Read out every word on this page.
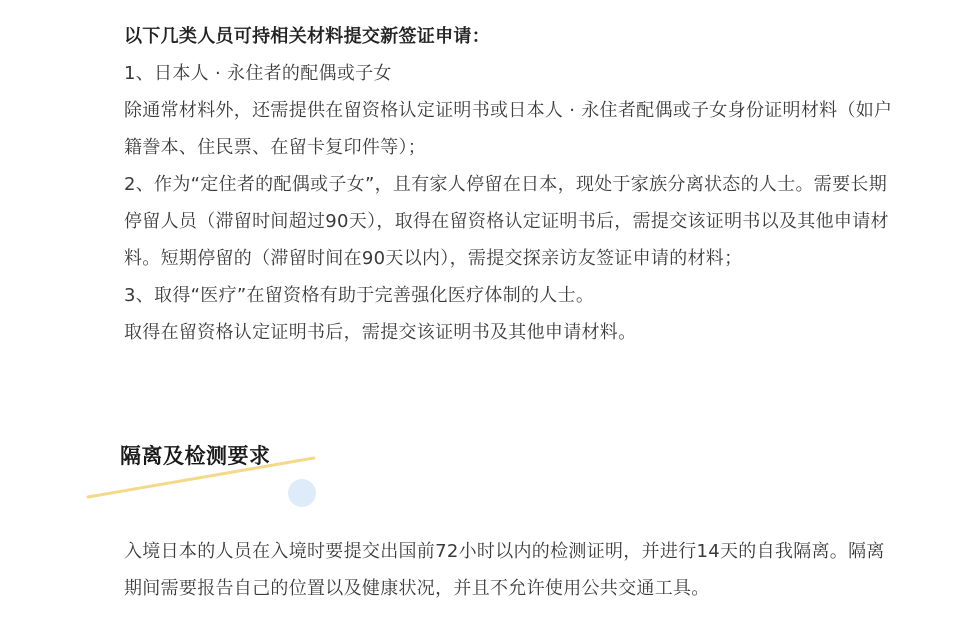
以下几类人员可持相关材料提交新签证申请：

1、日本人 · 永住者的配偶或子女

除通常材料外，还需提供在留资格认定证明书或日本人 · 永住者配偶或子女身份证明材料（如户籍誊本、住民票、在留卡复印件等）；

2、作为“定住者的配偶或子女”，且有家人停留在日本，现处于家族分离状态的人士。需要长期停留人员（滞留时间超过90天），取得在留资格认定证明书后，需提交该证明书以及其他申请材料。短期停留的（滞留时间在90天以内），需提交探亲访友签证申请的材料；

3、取得“医疗”在留资格有助于完善强化医疗体制的人士。

取得在留资格认定证明书后，需提交该证明书及其他申请材料。

隔离及检测要求

入境日本的人员在入境时要提交出国前72小时以内的检测证明，并进行14天的自我隔离。隔离期间需要报告自己的位置以及健康状况，并且不允许使用公共交通工具。
